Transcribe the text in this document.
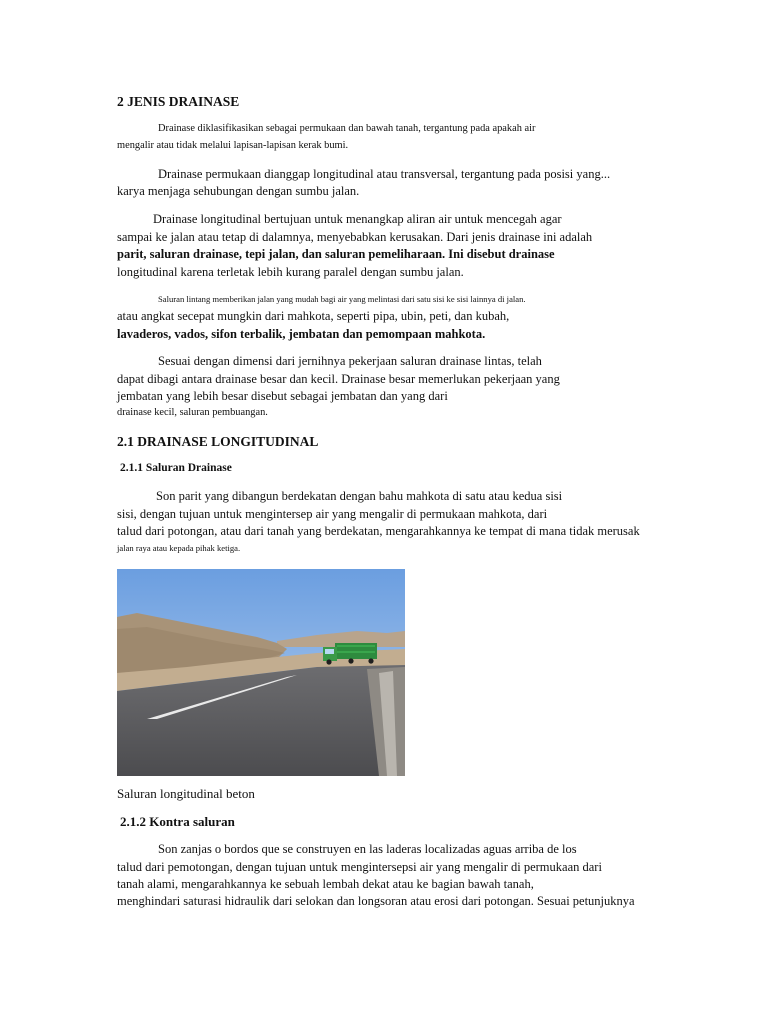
2 JENIS DRAINASE
Drainase diklasifikasikan sebagai permukaan dan bawah tanah, tergantung pada apakah air
mengalir atau tidak melalui lapisan-lapisan kerak bumi.
Drainase permukaan dianggap longitudinal atau transversal, tergantung pada posisi yang...
karya menjaga sehubungan dengan sumbu jalan.
Drainase longitudinal bertujuan untuk menangkap aliran air untuk mencegah agar
sampai ke jalan atau tetap di dalamnya, menyebabkan kerusakan. Dari jenis drainase ini adalah
parit, saluran drainase, tepi jalan, dan saluran pemeliharaan. Ini disebut drainase
longitudinal karena terletak lebih kurang paralel dengan sumbu jalan.
Saluran lintang memberikan jalan yang mudah bagi air yang melintasi dari satu sisi ke sisi lainnya di jalan.
atau angkat secepat mungkin dari mahkota, seperti pipa, ubin, peti, dan kubah,
lavaderos, vados, sifon terbalik, jembatan dan pemompaan mahkota.
Sesuai dengan dimensi dari jernihnya pekerjaan saluran drainase lintas, telah
dapat dibagi antara drainase besar dan kecil. Drainase besar memerlukan pekerjaan yang
jembatan yang lebih besar disebut sebagai jembatan dan yang dari
drainase kecil, saluran pembuangan.
2.1 DRAINASE LONGITUDINAL
2.1.1 Saluran Drainase
Son parit yang dibangun berdekatan dengan bahu mahkota di satu atau kedua sisi
sisi, dengan tujuan untuk mengintersep air yang mengalir di permukaan mahkota, dari
talud dari potongan, atau dari tanah yang berdekatan, mengarahkannya ke tempat di mana tidak merusak
jalan raya atau kepada pihak ketiga.
Saluran longitudinal beton
2.1.2 Kontra saluran
Son zanjas o bordos que se construyen en las laderas localizadas aguas arriba de los
talud dari pemotongan, dengan tujuan untuk mengintersepsi air yang mengalir di permukaan dari
tanah alami, mengarahkannya ke sebuah lembah dekat atau ke bagian bawah tanah,
menghindari saturasi hidraulik dari selokan dan longsoran atau erosi dari potongan. Sesuai petunjuknya
